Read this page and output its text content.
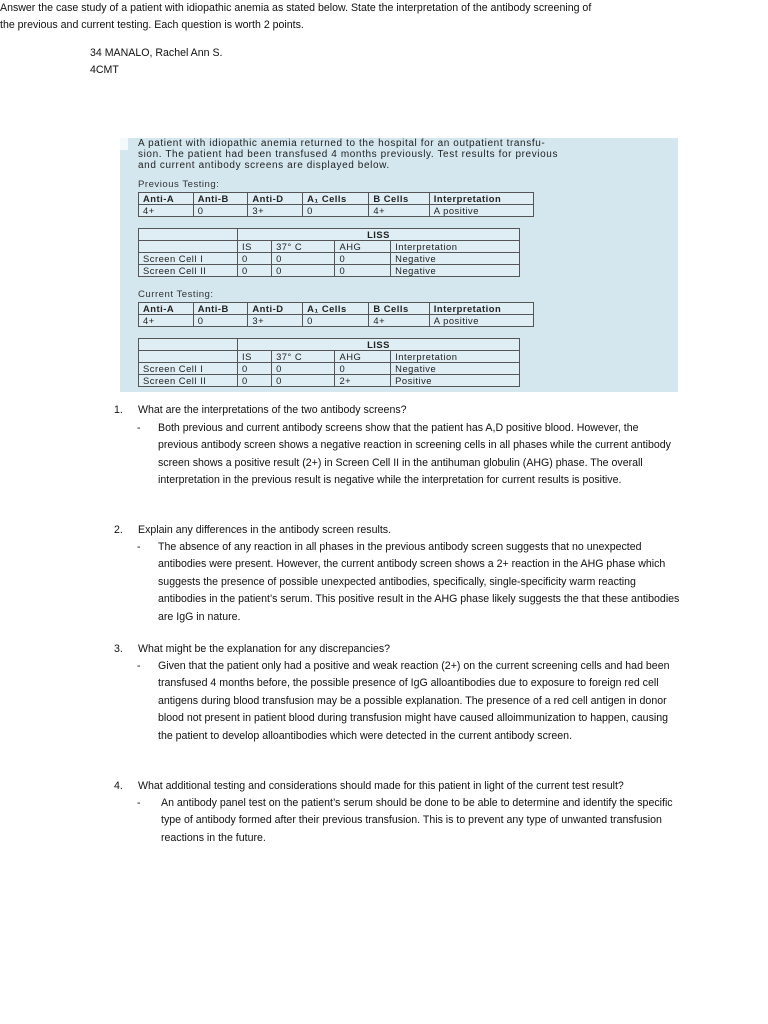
34 MANALO, Rachel Ann S.
4CMT
Answer the case study of a patient with idiopathic anemia as stated below. State the interpretation of the antibody screening of the previous and current testing. Each question is worth 2 points.
A patient with idiopathic anemia returned to the hospital for an outpatient transfu-
sion. The patient had been transfused 4 months previously. Test results for previous
and current antibody screens are displayed below.
Previous Testing:
Anti-A	Anti-B	Anti-D	A₁ Cells	B Cells	Interpretation
4+	0	3+	0	4+	A positive
	LISS			
	IS	37° C	AHG	Interpretation
Screen Cell I	0	0	0	Negative
Screen Cell II	0	0	0	Negative
Current Testing:
Anti-A	Anti-B	Anti-D	A₁ Cells	B Cells	Interpretation
4+	0	3+	0	4+	A positive
	LISS			
	IS	37° C	AHG	Interpretation
Screen Cell I	0	0	0	Negative
Screen Cell II	0	0	2+	Positive
1. What are the interpretations of the two antibody screens?
- Both previous and current antibody screens show that the patient has A,D positive blood. However, the previous antibody screen shows a negative reaction in screening cells in all phases while the current antibody screen shows a positive result (2+) in Screen Cell II in the antihuman globulin (AHG) phase. The overall interpretation in the previous result is negative while the interpretation for current results is positive.
2. Explain any differences in the antibody screen results.
- The absence of any reaction in all phases in the previous antibody screen suggests that no unexpected antibodies were present. However, the current antibody screen shows a 2+ reaction in the AHG phase which suggests the presence of possible unexpected antibodies, specifically, single-specificity warm reacting antibodies in the patient’s serum. This positive result in the AHG phase likely suggests the that these antibodies are IgG in nature.
3. What might be the explanation for any discrepancies?
- Given that the patient only had a positive and weak reaction (2+) on the current screening cells and had been transfused 4 months before, the possible presence of IgG alloantibodies due to exposure to foreign red cell antigens during blood transfusion may be a possible explanation. The presence of a red cell antigen in donor blood not present in patient blood during transfusion might have caused alloimmunization to happen, causing the patient to develop alloantibodies which were detected in the current antibody screen.
4. What additional testing and considerations should made for this patient in light of the current test result?
- An antibody panel test on the patient’s serum should be done to be able to determine and identify the specific type of antibody formed after their previous transfusion. This is to prevent any type of unwanted transfusion reactions in the future.
